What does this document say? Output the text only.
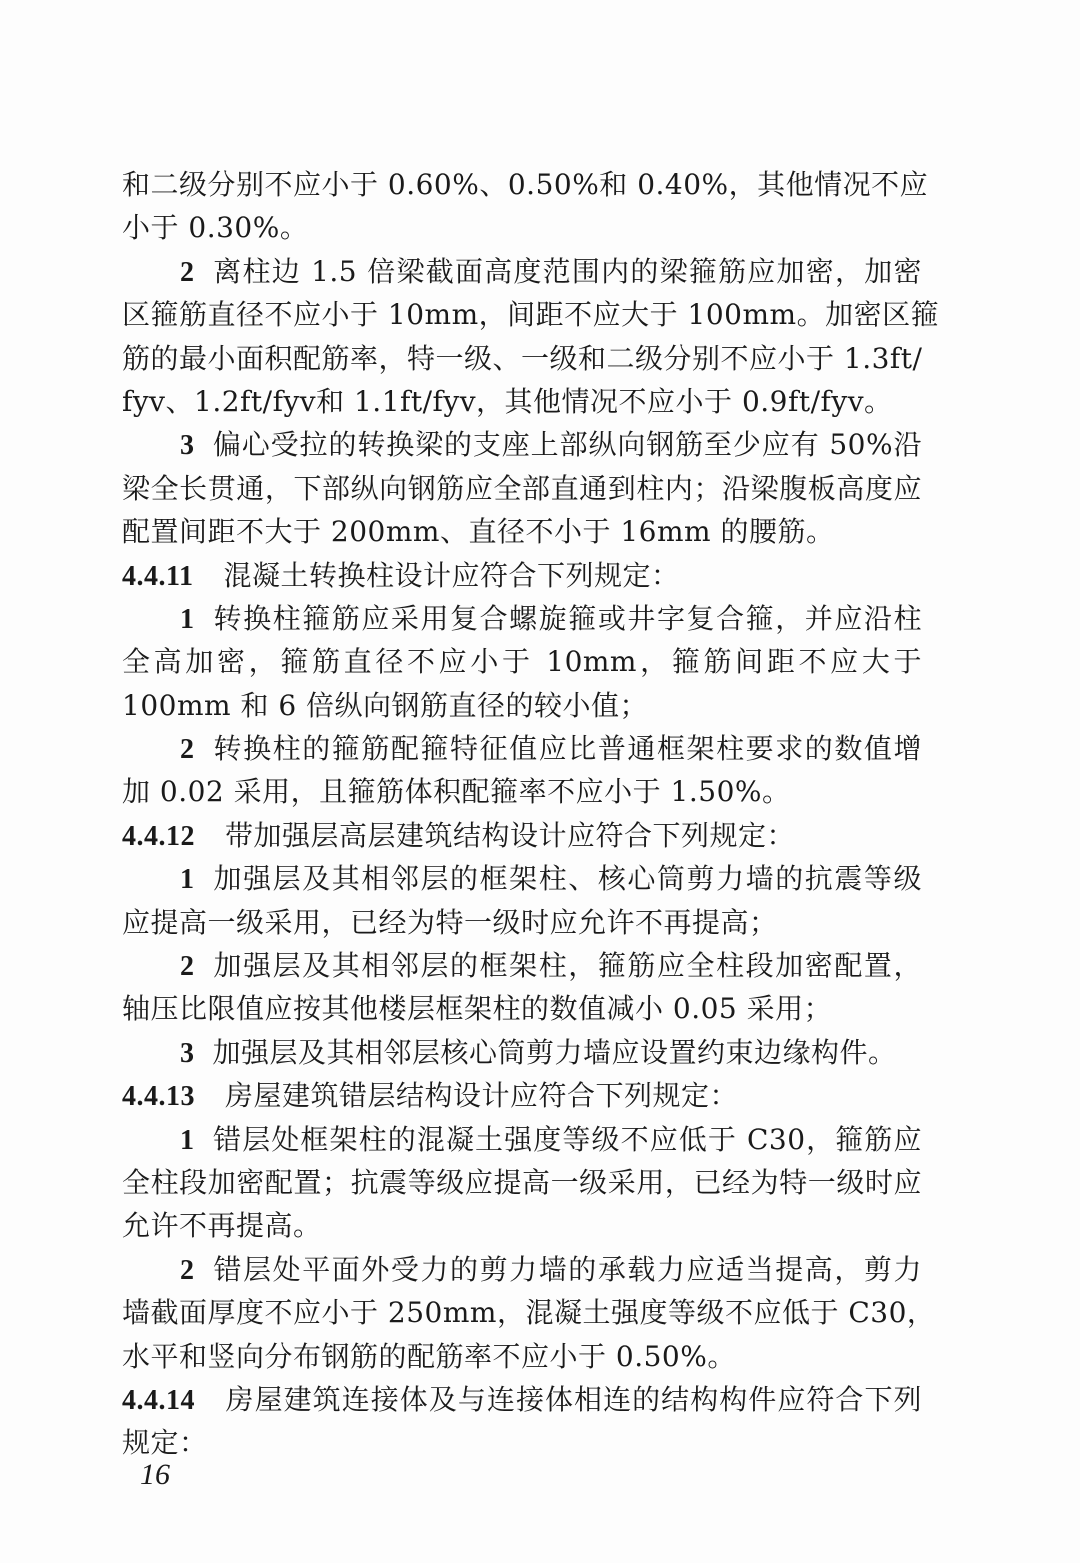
和二级分别不应小于 0.60%、0.50%和 0.40%，其他情况不应
小于 0.30%。
2 离柱边 1.5 倍梁截面高度范围内的梁箍筋应加密，加密
区箍筋直径不应小于 10mm，间距不应大于 100mm。加密区箍
筋的最小面积配筋率，特一级、一级和二级分别不应小于 1.3ft/
fyv、1.2ft/fyv和 1.1ft/fyv，其他情况不应小于 0.9ft/fyv。
3 偏心受拉的转换梁的支座上部纵向钢筋至少应有 50%沿
梁全长贯通，下部纵向钢筋应全部直通到柱内；沿梁腹板高度应
配置间距不大于 200mm、直径不小于 16mm 的腰筋。
4.4.11 混凝土转换柱设计应符合下列规定：
1 转换柱箍筋应采用复合螺旋箍或井字复合箍，并应沿柱
全高加密，箍筋直径不应小于 10mm，箍筋间距不应大于
100mm 和 6 倍纵向钢筋直径的较小值；
2 转换柱的箍筋配箍特征值应比普通框架柱要求的数值增
加 0.02 采用，且箍筋体积配箍率不应小于 1.50%。
4.4.12 带加强层高层建筑结构设计应符合下列规定：
1 加强层及其相邻层的框架柱、核心筒剪力墙的抗震等级
应提高一级采用，已经为特一级时应允许不再提高；
2 加强层及其相邻层的框架柱，箍筋应全柱段加密配置，
轴压比限值应按其他楼层框架柱的数值减小 0.05 采用；
3 加强层及其相邻层核心筒剪力墙应设置约束边缘构件。
4.4.13 房屋建筑错层结构设计应符合下列规定：
1 错层处框架柱的混凝土强度等级不应低于 C30，箍筋应
全柱段加密配置；抗震等级应提高一级采用，已经为特一级时应
允许不再提高。
2 错层处平面外受力的剪力墙的承载力应适当提高，剪力
墙截面厚度不应小于 250mm，混凝土强度等级不应低于 C30，
水平和竖向分布钢筋的配筋率不应小于 0.50%。
4.4.14 房屋建筑连接体及与连接体相连的结构构件应符合下列
规定：
16
